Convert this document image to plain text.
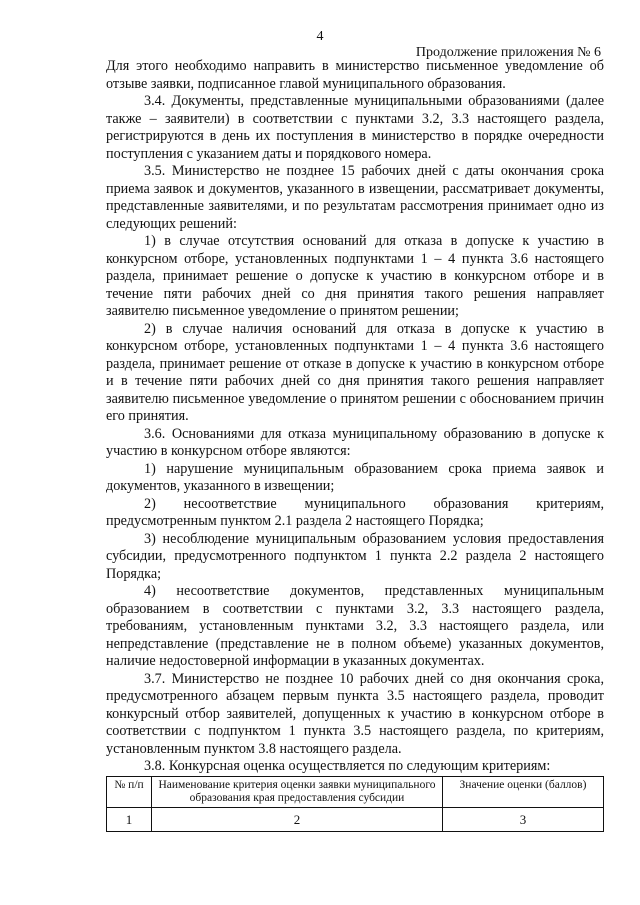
4
Продолжение приложения № 6

Для этого необходимо направить в министерство письменное уведомление об отзыве заявки, подписанное главой муниципального образования.

3.4. Документы, представленные муниципальными образованиями (далее также – заявители) в соответствии с пунктами 3.2, 3.3 настоящего раздела, регистрируются в день их поступления в министерство в порядке очередности поступления с указанием даты и порядкового номера.

3.5. Министерство не позднее 15 рабочих дней с даты окончания срока приема заявок и документов, указанного в извещении, рассматривает документы, представленные заявителями, и по результатам рассмотрения принимает одно из следующих решений:

1) в случае отсутствия оснований для отказа в допуске к участию в конкурсном отборе, установленных подпунктами 1 – 4 пункта 3.6 настоящего раздела, принимает решение о допуске к участию в конкурсном отборе и в течение пяти рабочих дней со дня принятия такого решения направляет заявителю письменное уведомление о принятом решении;

2) в случае наличия оснований для отказа в допуске к участию в конкурсном отборе, установленных подпунктами 1 – 4 пункта 3.6 настоящего раздела, принимает решение от отказе в допуске к участию в конкурсном отборе и в течение пяти рабочих дней со дня принятия такого решения направляет заявителю письменное уведомление о принятом решении с обоснованием причин его принятия.

3.6. Основаниями для отказа муниципальному образованию в допуске к участию в конкурсном отборе являются:

1) нарушение муниципальным образованием срока приема заявок и документов, указанного в извещении;

2) несоответствие муниципального образования критериям, предусмотренным пунктом 2.1 раздела 2 настоящего Порядка;

3) несоблюдение муниципальным образованием условия предоставления субсидии, предусмотренного подпунктом 1 пункта 2.2 раздела 2 настоящего Порядка;

4) несоответствие документов, представленных муниципальным образованием в соответствии с пунктами 3.2, 3.3 настоящего раздела, требованиям, установленным пунктами 3.2, 3.3 настоящего раздела, или непредставление (представление не в полном объеме) указанных документов, наличие недостоверной информации в указанных документах.

3.7. Министерство не позднее 10 рабочих дней со дня окончания срока, предусмотренного абзацем первым пункта 3.5 настоящего раздела, проводит конкурсный отбор заявителей, допущенных к участию в конкурсном отборе в соответствии с подпунктом 1 пункта 3.5 настоящего раздела, по критериям, установленным пунктом 3.8 настоящего раздела.

3.8. Конкурсная оценка осуществляется по следующим критериям:

№ п/п	Наименование критерия оценки заявки муниципального образования края предоставления субсидии	Значение оценки (баллов)
1	2	3
